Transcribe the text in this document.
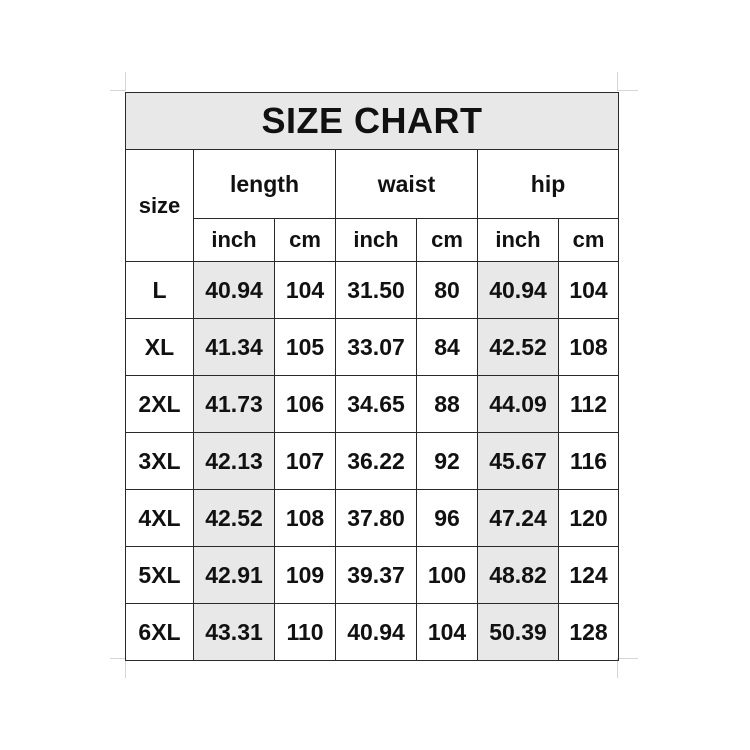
SIZE CHART						
size	length		waist		hip	
	inch	cm	inch	cm	inch	cm
L	40.94	104	31.50	80	40.94	104
XL	41.34	105	33.07	84	42.52	108
2XL	41.73	106	34.65	88	44.09	112
3XL	42.13	107	36.22	92	45.67	116
4XL	42.52	108	37.80	96	47.24	120
5XL	42.91	109	39.37	100	48.82	124
6XL	43.31	110	40.94	104	50.39	128
